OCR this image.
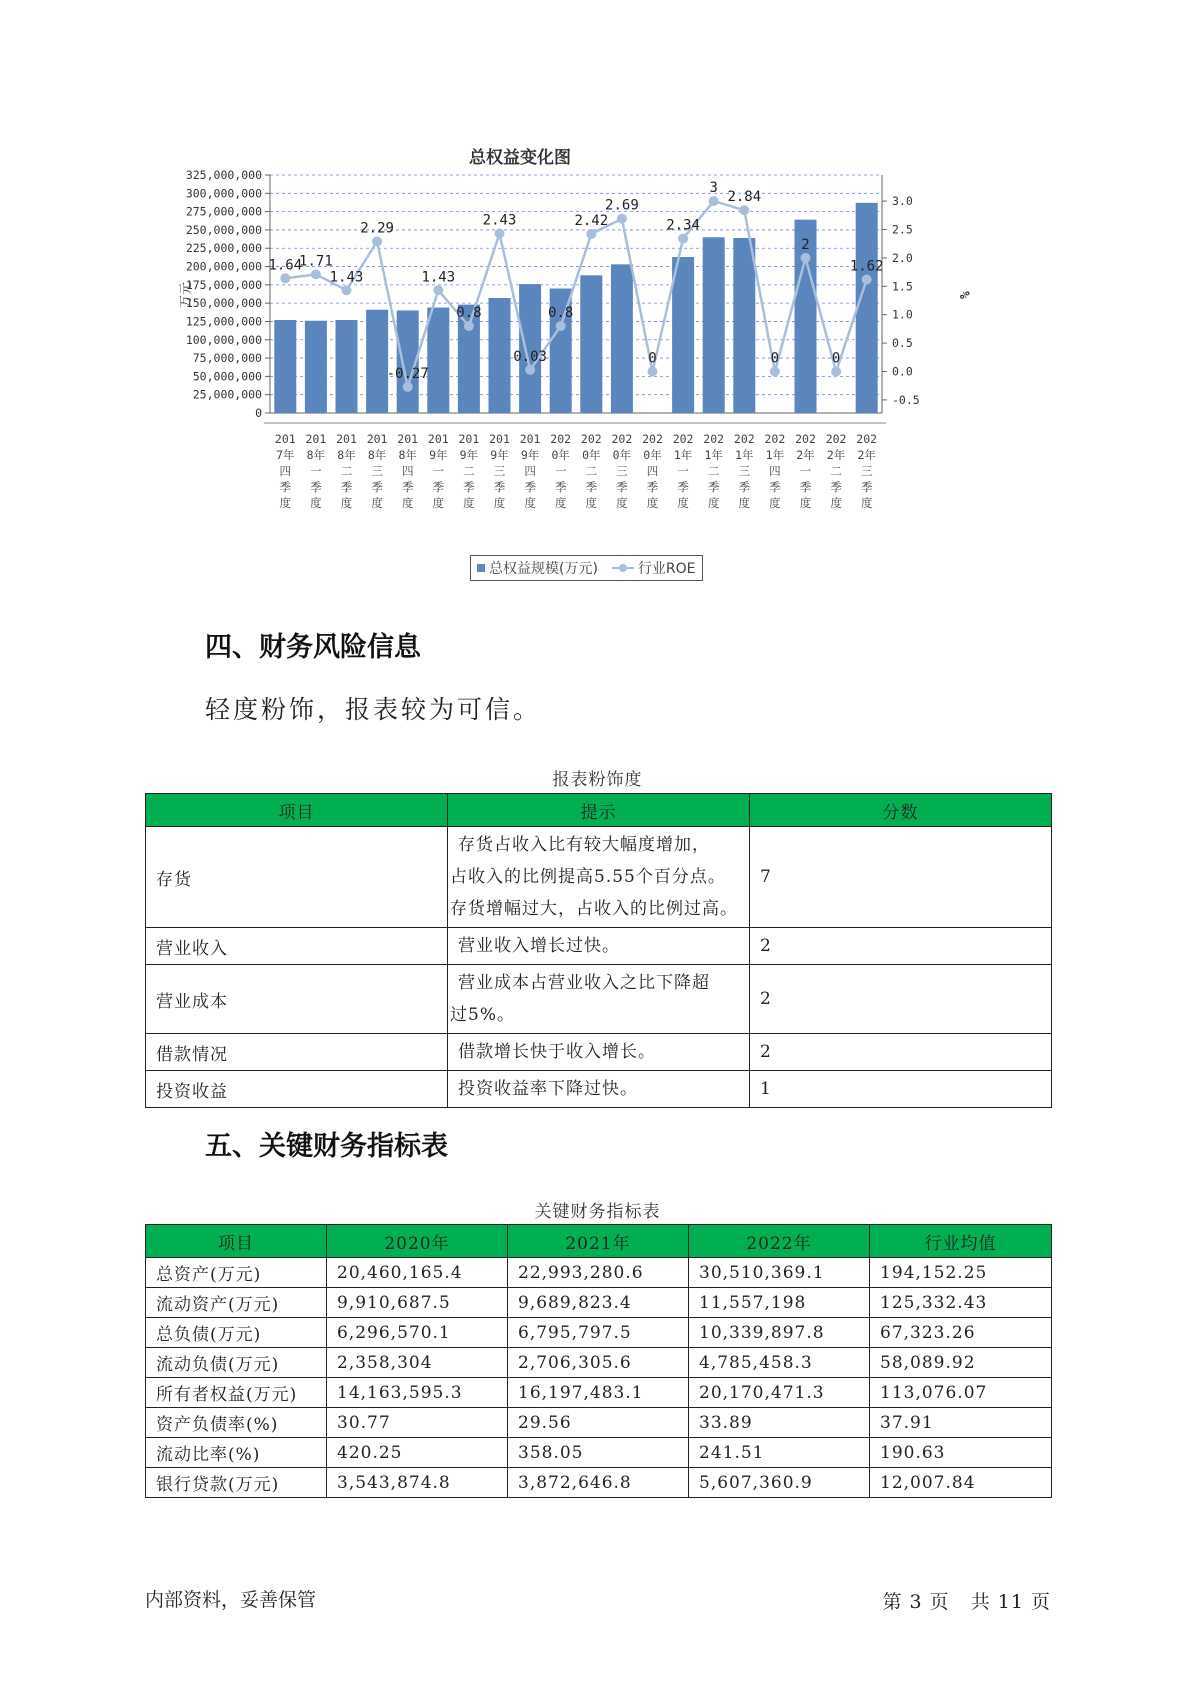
总权益变化图
0
25,000,000
50,000,000
75,000,000
100,000,000
125,000,000
150,000,000
175,000,000
200,000,000
225,000,000
250,000,000
275,000,000
300,000,000
325,000,000
-0.5
0.0
0.5
1.0
1.5
2.0
2.5
3.0
万元	%
1.64
1.71
1.43
2.29
-0.27
1.43
0.8
2.43
0.03
0.8
2.42
2.69
0
2.34
3
2.84
0
2
0
1.62
201
7年
四
季
度
201
8年
一
季
度
201
8年
二
季
度
201
8年
三
季
度
201
8年
四
季
度
201
9年
一
季
度
201
9年
二
季
度
201
9年
三
季
度
201
9年
四
季
度
202
0年
一
季
度
202
0年
二
季
度
202
0年
三
季
度
202
0年
四
季
度
202
1年
一
季
度
202
1年
二
季
度
202
1年
三
季
度
202
1年
四
季
度
202
2年
一
季
度
202
2年
二
季
度
202
2年
三
季
度
总权益规模(万元)	行业ROE
四、财务风险信息
轻度粉饰，报表较为可信。
报表粉饰度
项目	提示	分数
存货	存货占收入比有较大幅度增加，
占收入的比例提高5.55个百分点。
存货增幅过大，占收入的比例过高。	7
营业收入	营业收入增长过快。	2
营业成本	营业成本占营业收入之比下降超
过5%。	2
借款情况	借款增长快于收入增长。	2
投资收益	投资收益率下降过快。	1
五、关键财务指标表
关键财务指标表
项目	2020年	2021年	2022年	行业均值
总资产(万元)	20,460,165.4	22,993,280.6	30,510,369.1	194,152.25
流动资产(万元)	9,910,687.5	9,689,823.4	11,557,198	125,332.43
总负债(万元)	6,296,570.1	6,795,797.5	10,339,897.8	67,323.26
流动负债(万元)	2,358,304	2,706,305.6	4,785,458.3	58,089.92
所有者权益(万元)	14,163,595.3	16,197,483.1	20,170,471.3	113,076.07
资产负债率(%)	30.77	29.56	33.89	37.91
流动比率(%)	420.25	358.05	241.51	190.63
银行贷款(万元)	3,543,874.8	3,872,646.8	5,607,360.9	12,007.84
内部资料，妥善保管	第 3 页   共 11 页
